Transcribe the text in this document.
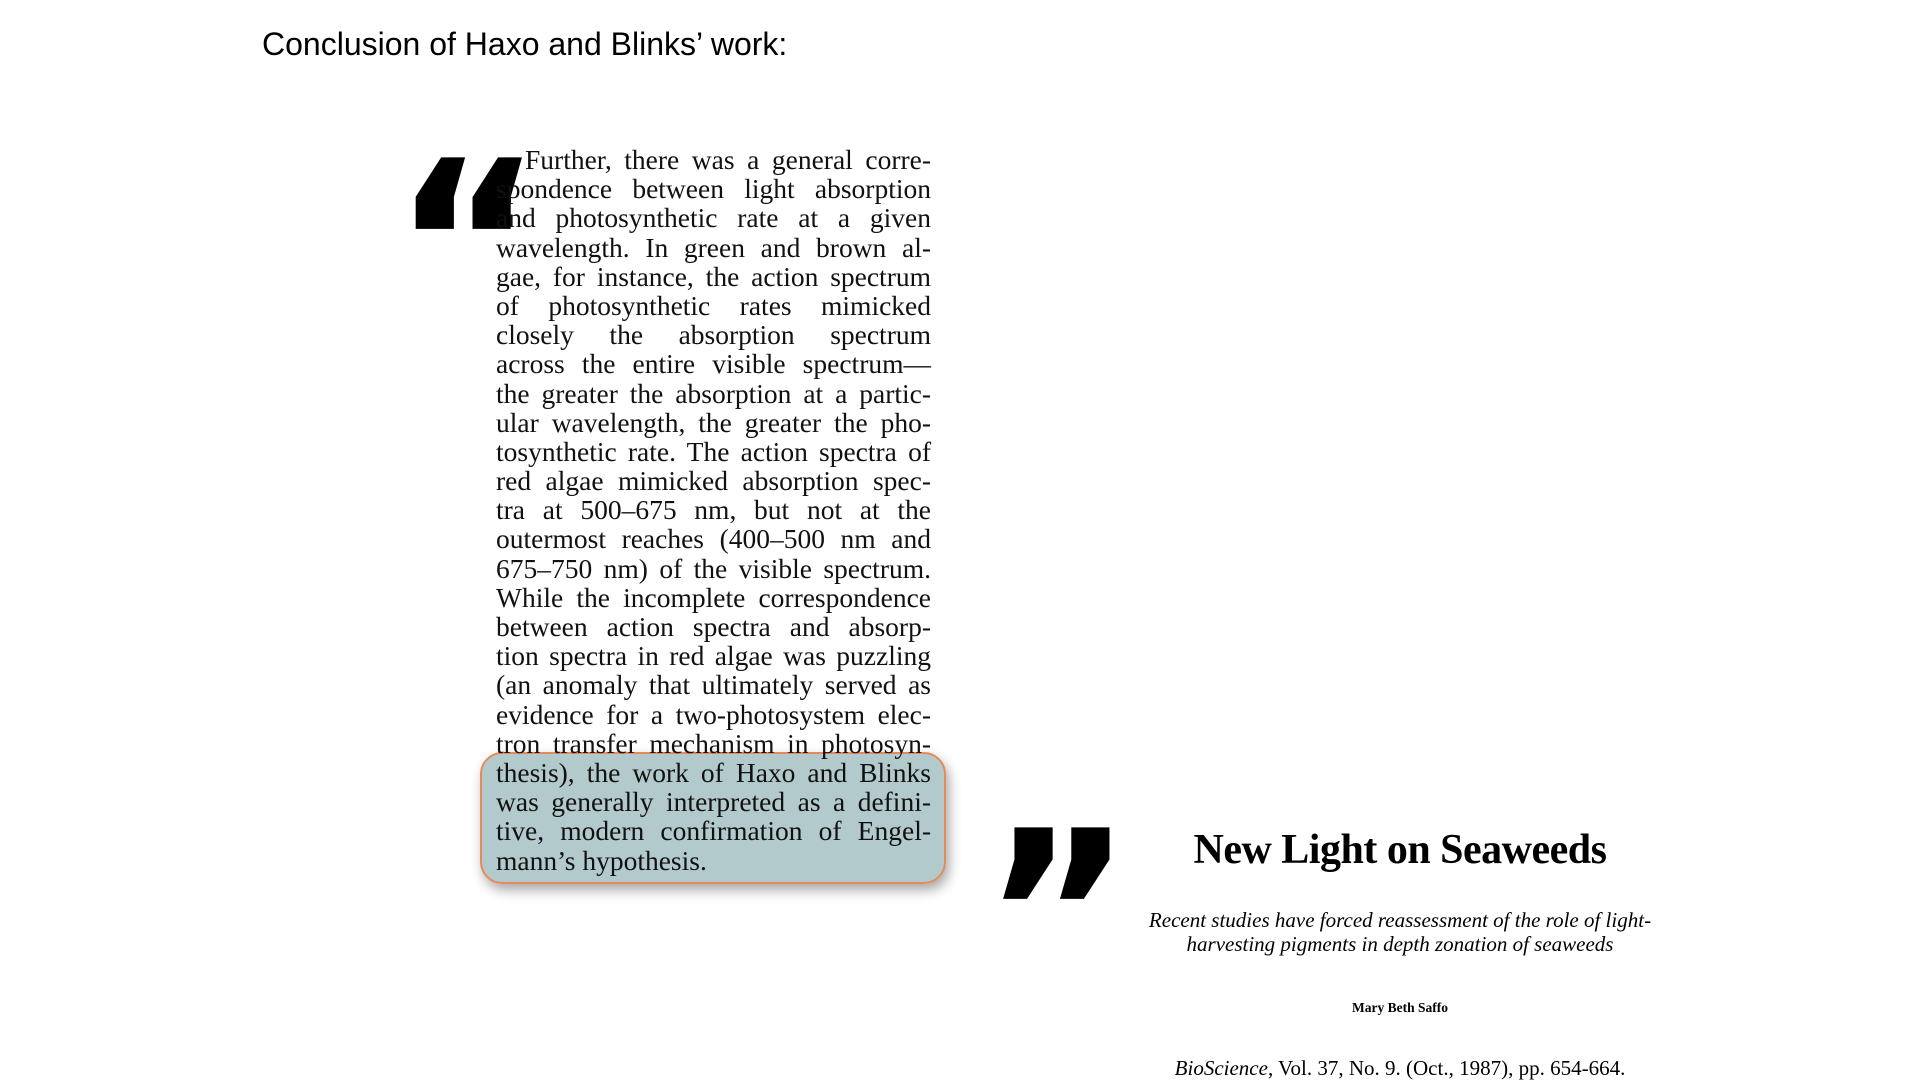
Conclusion of Haxo and Blinks’ work:
“
Further, there was a general corre-
spondence between light absorption
and photosynthetic rate at a given
wavelength. In green and brown al-
gae, for instance, the action spectrum
of photosynthetic rates mimicked
closely the absorption spectrum
across the entire visible spectrum—
the greater the absorption at a partic-
ular wavelength, the greater the pho-
tosynthetic rate. The action spectra of
red algae mimicked absorption spec-
tra at 500–675 nm, but not at the
outermost reaches (400–500 nm and
675–750 nm) of the visible spectrum.
While the incomplete correspondence
between action spectra and absorp-
tion spectra in red algae was puzzling
(an anomaly that ultimately served as
evidence for a two-photosystem elec-
tron transfer mechanism in photosyn-
thesis), the work of Haxo and Blinks
was generally interpreted as a defini-
tive, modern confirmation of Engel-
mann’s hypothesis.	”	New Light on Seaweeds
Recent studies have forced reassessment of the role of light-
harvesting pigments in depth zonation of seaweeds
Mary Beth Saffo
BioScience, Vol. 37, No. 9. (Oct., 1987), pp. 654-664.
